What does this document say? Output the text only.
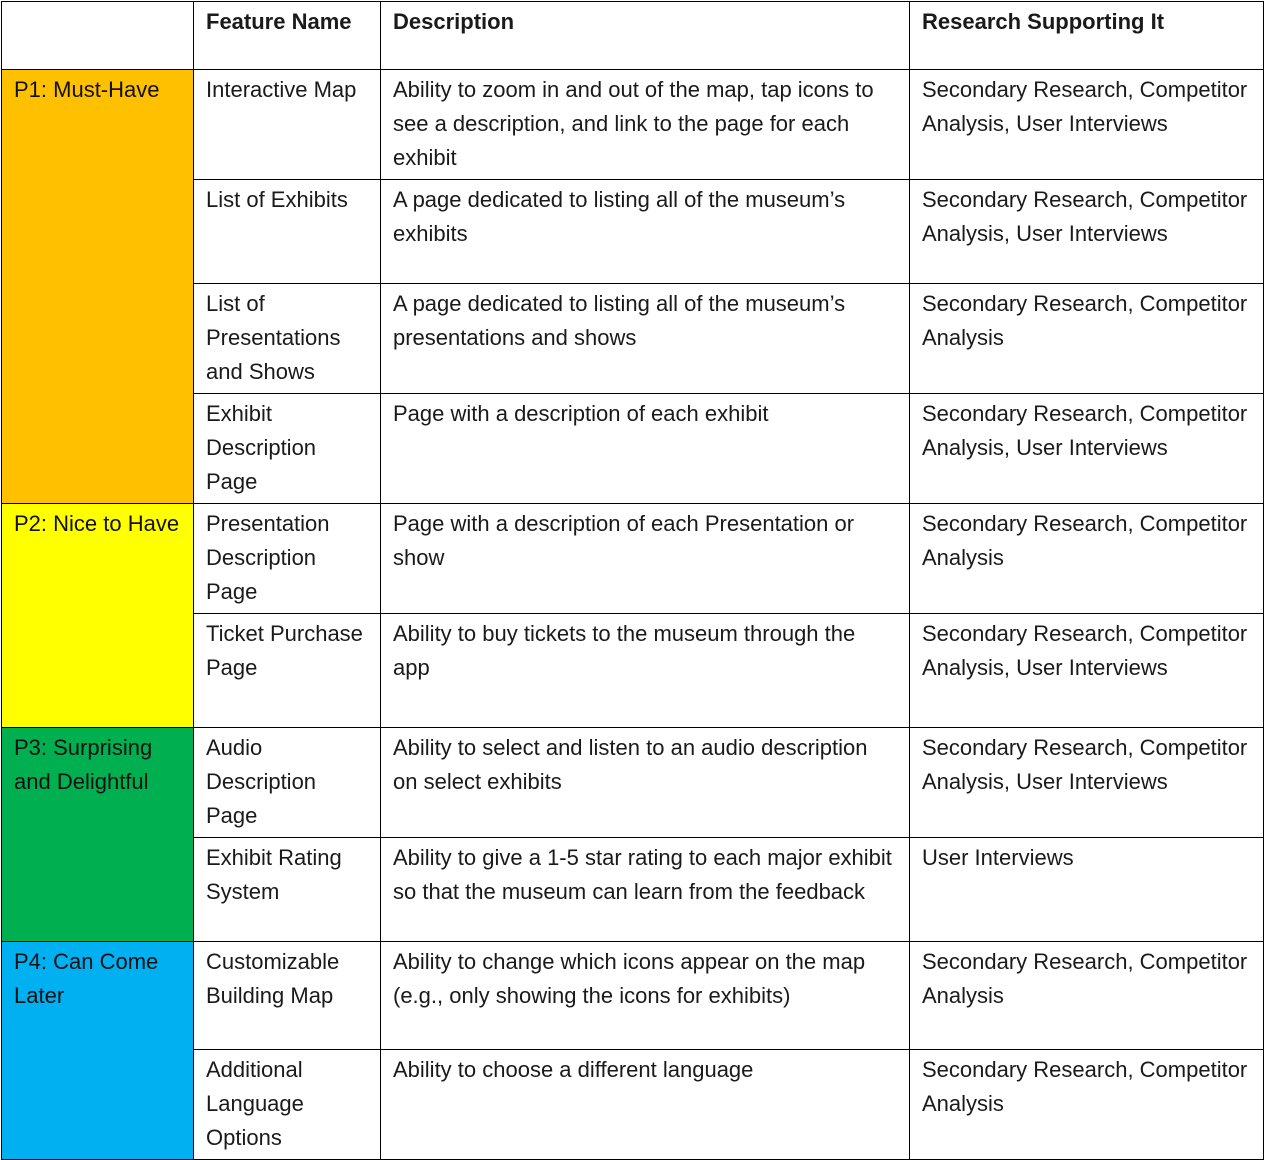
	Feature Name	Description	Research Supporting It
P1: Must-Have	Interactive Map	Ability to zoom in and out of the map, tap icons to see a description, and link to the page for each exhibit	Secondary Research, Competitor Analysis, User Interviews
	List of Exhibits	A page dedicated to listing all of the museum’s exhibits	Secondary Research, Competitor Analysis, User Interviews
	List of Presentations and Shows	A page dedicated to listing all of the museum’s presentations and shows	Secondary Research, Competitor Analysis
	Exhibit Description Page	Page with a description of each exhibit	Secondary Research, Competitor Analysis, User Interviews
P2: Nice to Have	Presentation Description Page	Page with a description of each Presentation or show	Secondary Research, Competitor Analysis
	Ticket Purchase Page	Ability to buy tickets to the museum through the app	Secondary Research, Competitor Analysis, User Interviews
P3: Surprising and Delightful	Audio Description Page	Ability to select and listen to an audio description on select exhibits	Secondary Research, Competitor Analysis, User Interviews
	Exhibit Rating System	Ability to give a 1-5 star rating to each major exhibit so that the museum can learn from the feedback	User Interviews
P4: Can Come Later	Customizable Building Map	Ability to change which icons appear on the map (e.g., only showing the icons for exhibits)	Secondary Research, Competitor Analysis
	Additional Language Options	Ability to choose a different language	Secondary Research, Competitor Analysis
